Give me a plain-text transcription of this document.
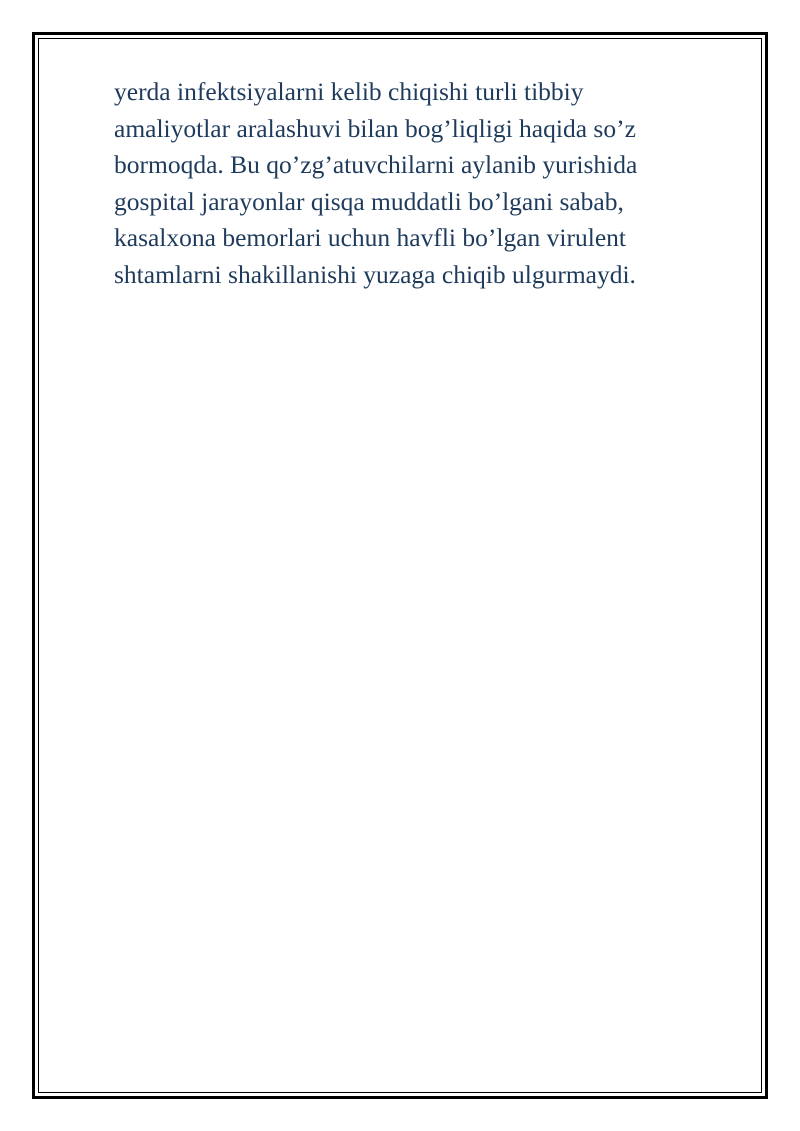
yerda infektsiyalarni kelib chiqishi turli tibbiy
amaliyotlar aralashuvi bilan bog’liqligi haqida so’z
bormoqda. Bu qo’zg’atuvchilarni aylanib yurishida
gospital jarayonlar qisqa muddatli bo’lgani sabab,
kasalxona bemorlari uchun havfli bo’lgan virulent
shtamlarni shakillanishi yuzaga chiqib ulgurmaydi.
